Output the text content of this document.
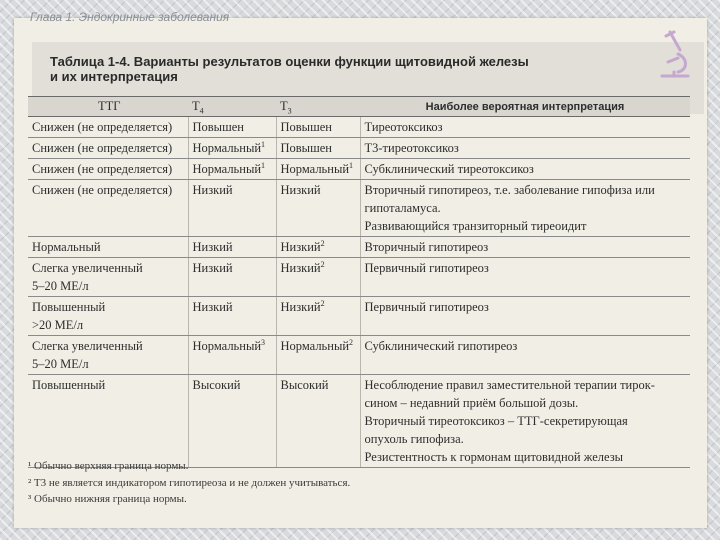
Глава 1. Эндокринные заболевания
Таблица 1-4. Варианты результатов оценки функции щитовидной железы
и их интерпретация
ТТГ	$T_4$	$T_3$	Наиболее вероятная интерпретация

Снижен (не определяется)	Повышен	Повышен	Тиреотоксикоз

Снижен (не определяется)	Нормальный$^1$	Повышен	T3-тиреотоксикоз

Снижен (не определяется)	Нормальный$^1$	Нормальный$^1$	Субклинический тиреотоксикоз

Снижен (не определяется)	Низкий	Низкий	Вторичный гипотиреоз, т.е. заболевание гипофиза или
гипоталамуса.
Развивающийся транзиторный тиреоидит

Нормальный	Низкий	Низкий$^2$	Вторичный гипотиреоз

Слегка увеличенный
5–20 МЕ/л	Низкий	Низкий$^2$	Первичный гипотиреоз

Повышенный
>20 МЕ/л	Низкий	Низкий$^2$	Первичный гипотиреоз

Слегка увеличенный
5–20 МЕ/л	Нормальный$^3$	Нормальный$^2$	Субклинический гипотиреоз

Повышенный	Высокий	Высокий	Несоблюдение правил заместительной терапии тирок-
сином – недавний приём большой дозы.
Вторичный тиреотоксикоз – ТТГ-секретирующая
опухоль гипофиза.
Резистентность к гормонам щитовидной железы
¹ Обычно верхняя граница нормы.
² T3 не является индикатором гипотиреоза и не должен учитываться.
³ Обычно нижняя граница нормы.
